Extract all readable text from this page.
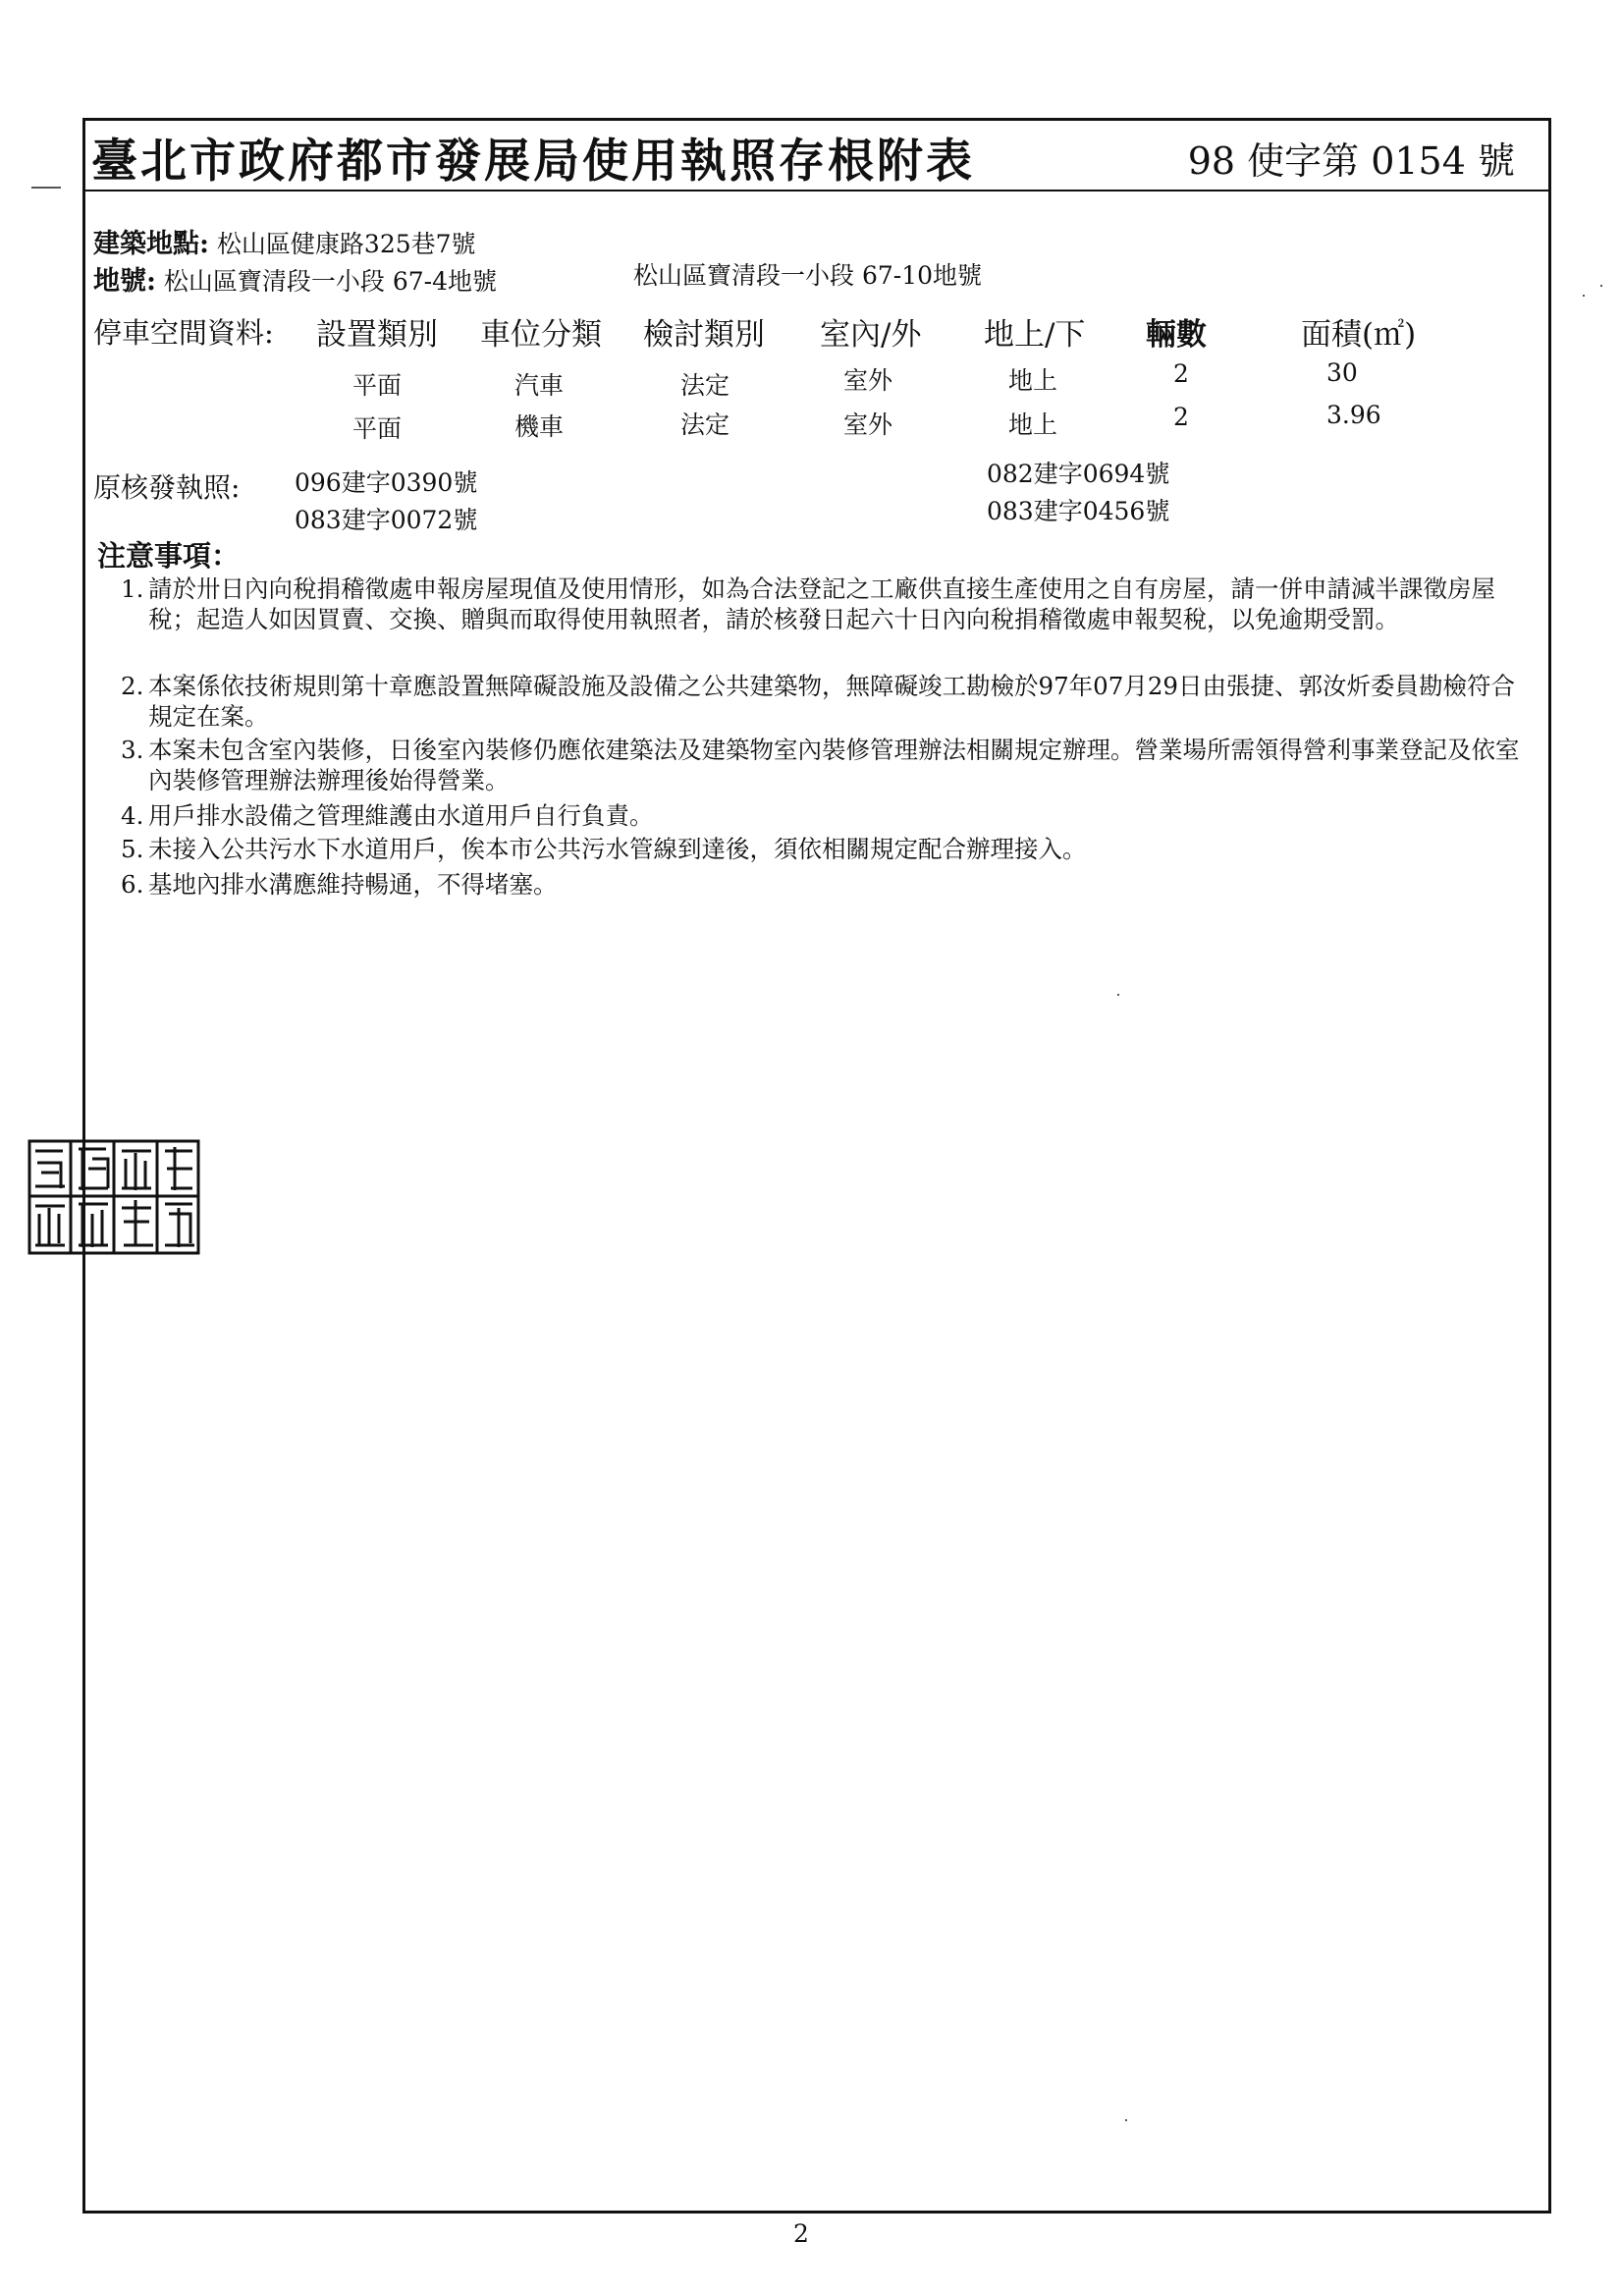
臺北市政府都市發展局使用執照存根附表	98 使字第 0154 號
建築地點: 松山區健康路325巷7號
地號: 松山區寶清段一小段 67-4地號	松山區寶清段一小段 67-10地號
停車空間資料: 設置類別 車位分類 檢討類別 室內/外 地上/下 輛數	面積(㎡)
平面	汽車	法定	室外	地上	2	30
平面	機車	法定	室外	地上	2	3.96
原核發執照: 096建字0390號
083建字0072號
082建字0694號
083建字0456號
注意事項：
1. 請於卅日內向稅捐稽徵處申報房屋現值及使用情形，如為合法登記之工廠供直接生產使用之自有房屋，請一併申請減半課徵房屋稅；起造人如因買賣、交換、贈與而取得使用執照者，請於核發日起六十日內向稅捐稽徵處申報契稅，以免逾期受罰。
2. 本案係依技術規則第十章應設置無障礙設施及設備之公共建築物，無障礙竣工勘檢於97年07月29日由張捷、郭汝炘委員勘檢符合規定在案。
3. 本案未包含室內裝修，日後室內裝修仍應依建築法及建築物室內裝修管理辦法相關規定辦理。營業場所需領得營利事業登記及依室內裝修管理辦法辦理後始得營業。
4. 用戶排水設備之管理維護由水道用戶自行負責。
5. 未接入公共污水下水道用戶，俟本市公共污水管線到達後，須依相關規定配合辦理接入。
6. 基地內排水溝應維持暢通，不得堵塞。
2
